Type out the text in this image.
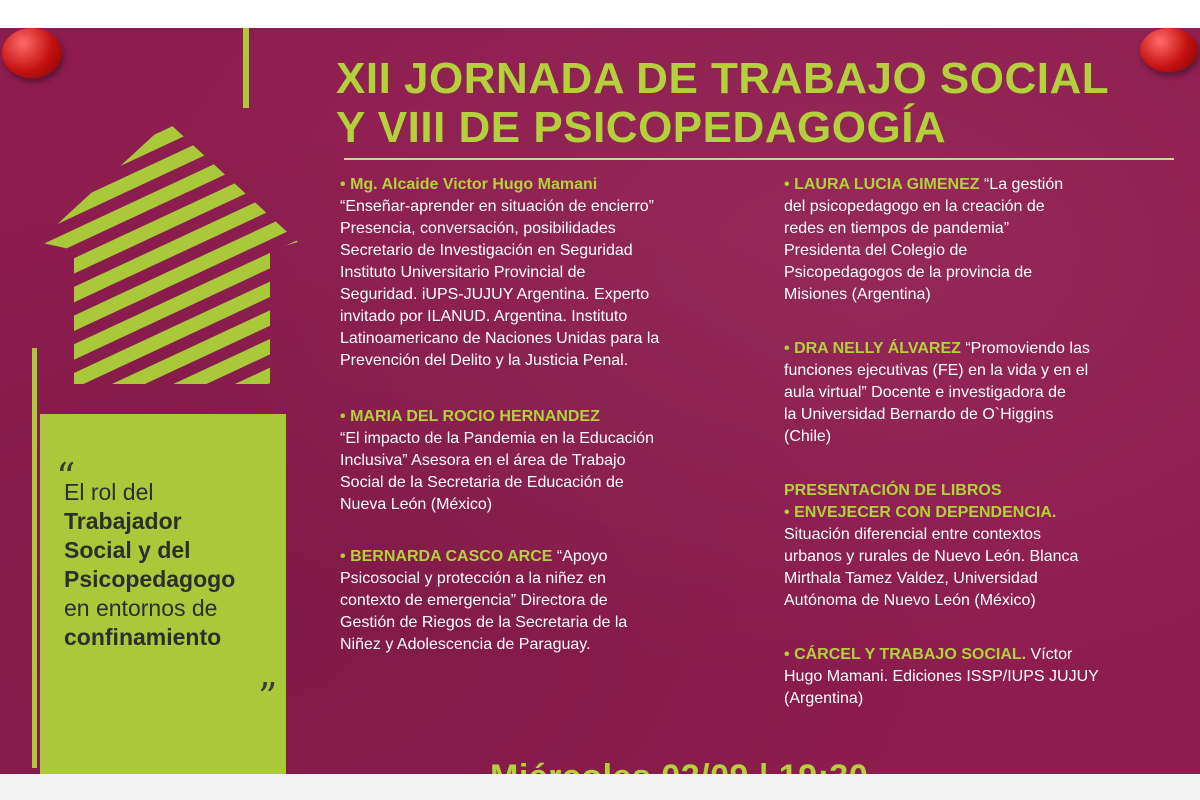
“
El rol del
Trabajador
Social y del
Psicopedagogo
en entornos de
confinamiento
”
XII JORNADA DE TRABAJO SOCIAL
Y VIII DE PSICOPEDAGOGÍA
• Mg. Alcaide Victor Hugo Mamani
“Enseñar-aprender en situación de encierro”
Presencia, conversación, posibilidades
Secretario de Investigación en Seguridad
Instituto Universitario Provincial de
Seguridad. iUPS-JUJUY Argentina. Experto
invitado por ILANUD. Argentina. Instituto
Latinoamericano de Naciones Unidas para la
Prevención del Delito y la Justicia Penal.
• MARIA DEL ROCIO HERNANDEZ
“El impacto de la Pandemia en la Educación
Inclusiva” Asesora en el área de Trabajo
Social de la Secretaria de Educación de
Nueva León (México)
• BERNARDA CASCO ARCE “Apoyo
Psicosocial y protección a la niñez en
contexto de emergencia” Directora de
Gestión de Riegos de la Secretaria de la
Niñez y Adolescencia de Paraguay.
• LAURA LUCIA GIMENEZ “La gestión
del psicopedagogo en la creación de
redes en tiempos de pandemia”
Presidenta del Colegio de
Psicopedagogos de la provincia de
Misiones (Argentina)
• DRA NELLY ÁLVAREZ “Promoviendo las
funciones ejecutivas (FE) en la vida y en el
aula virtual” Docente e investigadora de
la Universidad Bernardo de O`Higgins
(Chile)
PRESENTACIÓN DE LIBROS
• ENVEJECER CON DEPENDENCIA.
Situación diferencial entre contextos
urbanos y rurales de Nuevo León. Blanca
Mirthala Tamez Valdez, Universidad
Autónoma de Nuevo León (México)
• CÁRCEL Y TRABAJO SOCIAL. Víctor
Hugo Mamani. Ediciones ISSP/IUPS JUJUY
(Argentina)
